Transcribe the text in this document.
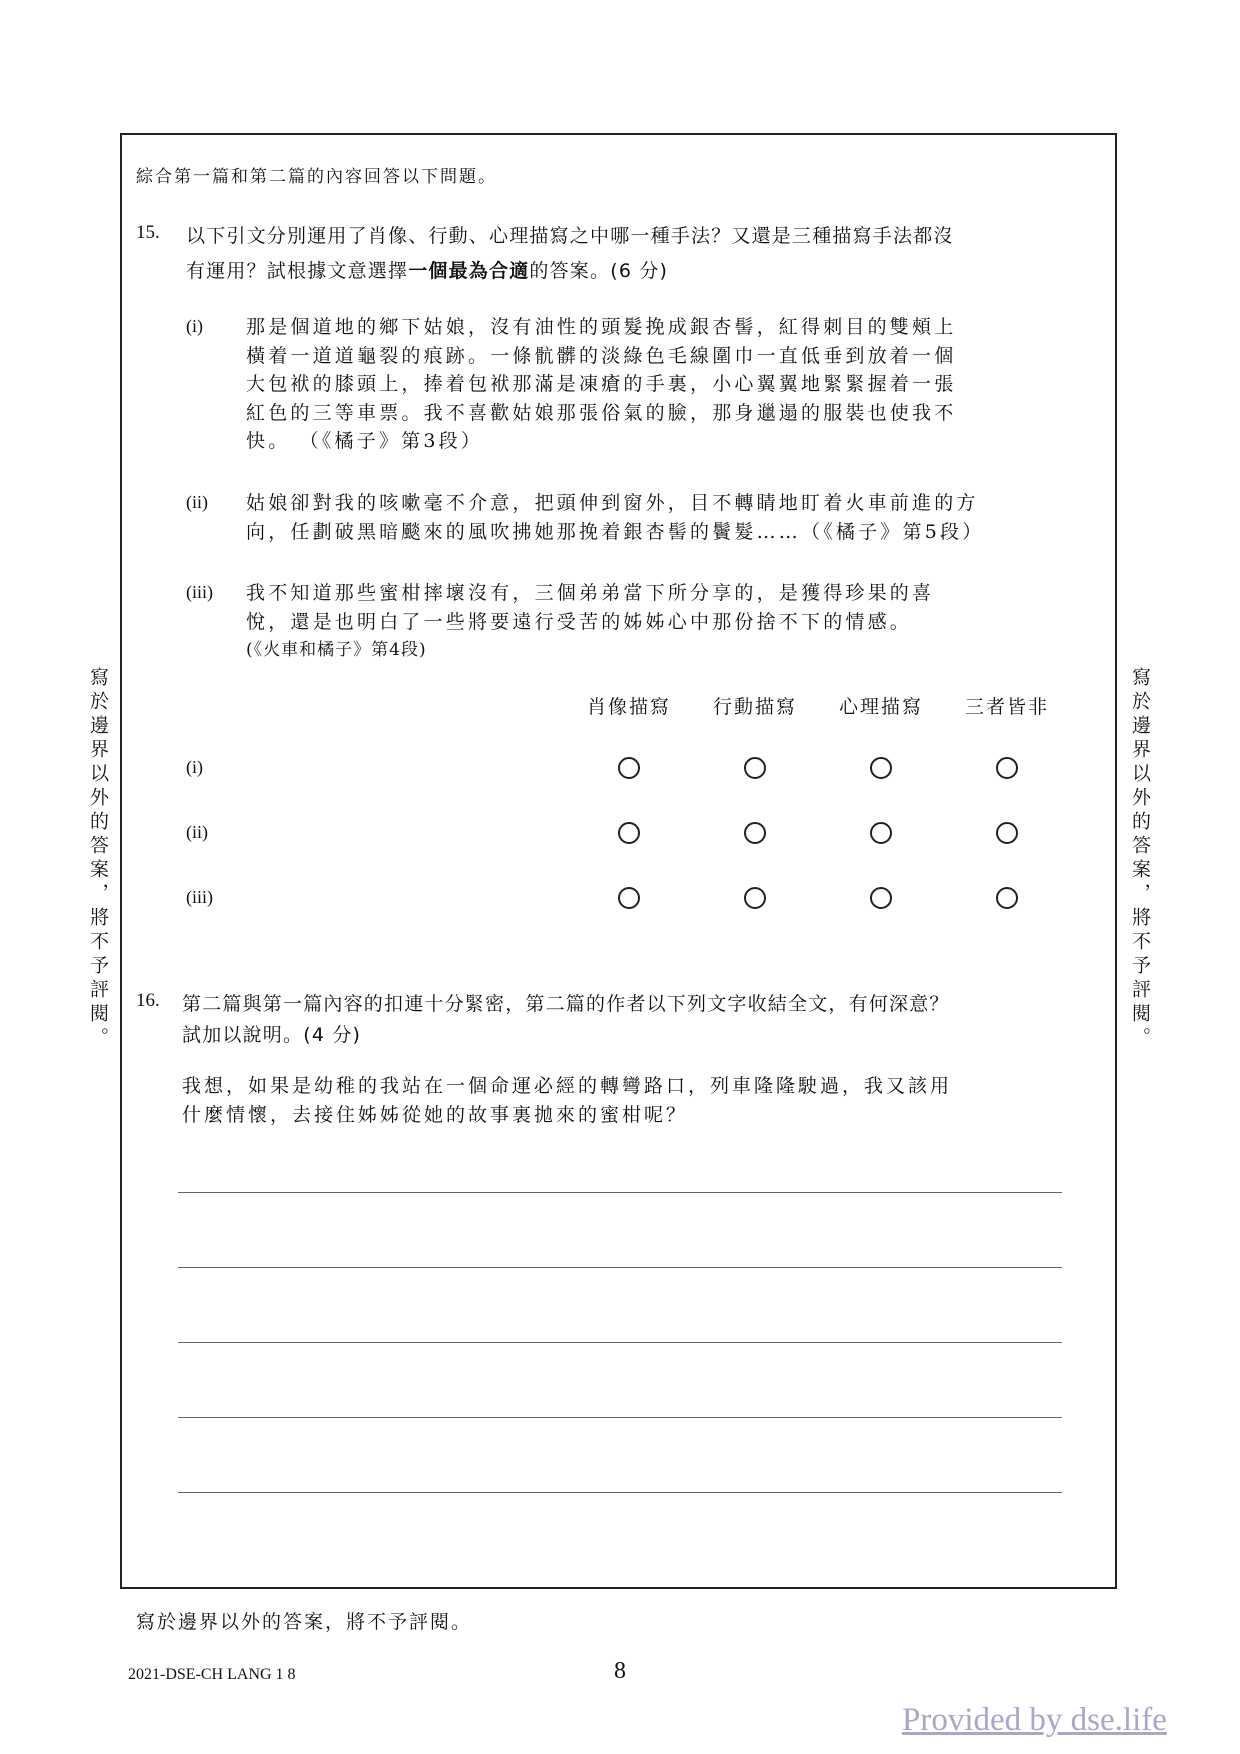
寫於邊界以外的答案，將不予評閱。	寫於邊界以外的答案，將不予評閱。
綜合第一篇和第二篇的內容回答以下問題。
15. 以下引文分別運用了肖像、行動、心理描寫之中哪一種手法？又還是三種描寫手法都沒
有運用？試根據文意選擇一個最為合適的答案。(6 分)
(i) 那是個道地的鄉下姑娘，沒有油性的頭髮挽成銀杏髻，紅得刺目的雙頰上
橫着一道道龜裂的痕跡。一條骯髒的淡綠色毛線圍巾一直低垂到放着一個
大包袱的膝頭上，捧着包袱那滿是凍瘡的手裏，小心翼翼地緊緊握着一張
紅色的三等車票。我不喜歡姑娘那張俗氣的臉，那身邋遢的服裝也使我不
快。 （《橘子》第3段）
(ii) 姑娘卻對我的咳嗽毫不介意，把頭伸到窗外，目不轉睛地盯着火車前進的方
向，任劃破黑暗颷來的風吹拂她那挽着銀杏髻的鬢髮……（《橘子》第5段）
(iii) 我不知道那些蜜柑摔壞沒有，三個弟弟當下所分享的，是獲得珍果的喜
悅，還是也明白了一些將要遠行受苦的姊姊心中那份捨不下的情感。
(《火車和橘子》第4段)
肖像描寫	行動描寫	心理描寫	三者皆非
(i)
(ii)
(iii)
16. 第二篇與第一篇內容的扣連十分緊密，第二篇的作者以下列文字收結全文，有何深意？
試加以說明。(4 分)
我想，如果是幼稚的我站在一個命運必經的轉彎路口，列車隆隆駛過，我又該用
什麼情懷，去接住姊姊從她的故事裏拋來的蜜柑呢？
寫於邊界以外的答案，將不予評閱。
2021-DSE-CH LANG 1 8	8
Provided by dse.life
